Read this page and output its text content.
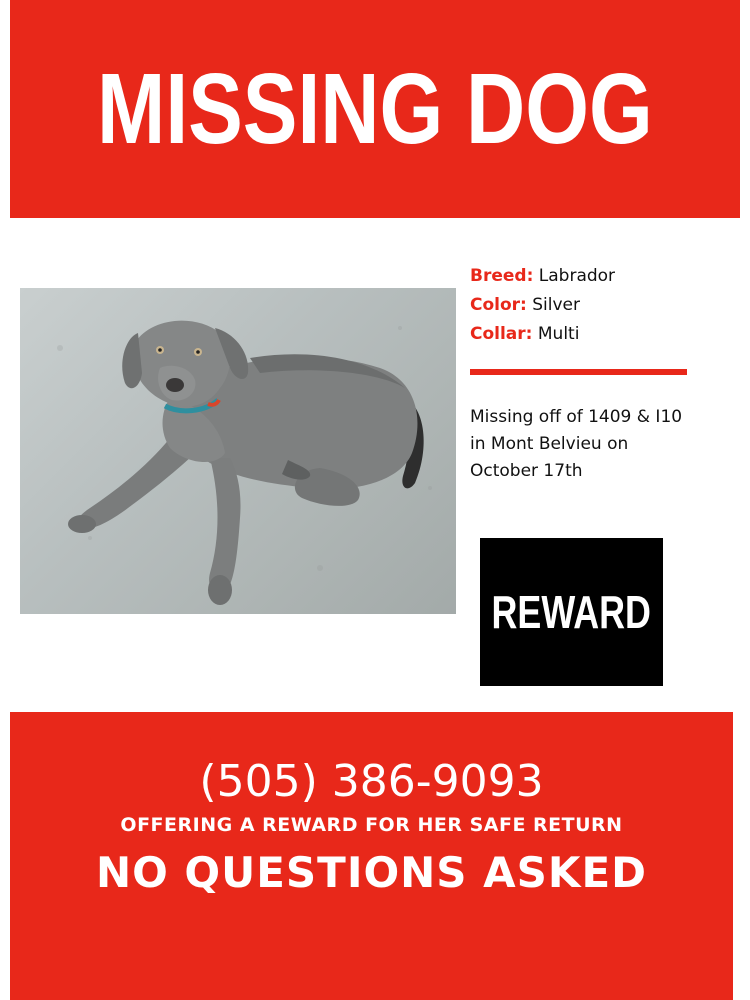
MISSING DOG
Breed: Labrador
Color: Silver
Collar: Multi
Missing off of 1409 & I10
in Mont Belvieu on
October 17th
REWARD
(505) 386-9093
OFFERING A REWARD FOR HER SAFE RETURN
NO QUESTIONS ASKED
